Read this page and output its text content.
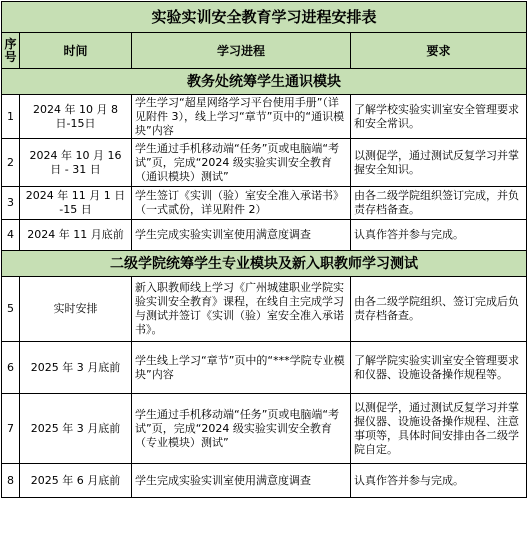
实验实训安全教育学习进程安排表			
序号	时间	学习进程	要求
教务处统筹学生通识模块			
1	2024 年 10 月 8 日-15日	学生学习“超星网络学习平台使用手册”（详见附件 3），线上学习“章节”页中的“通识模块”内容	了解学校实验实训室安全管理要求和安全常识。
2	2024 年 10 月 16 日 - 31 日	学生通过手机移动端“任务”页或电脑端“考试”页，完成“2024 级实验实训安全教育（通识模块）测试”	以测促学，通过测试反复学习并掌握安全知识。
3	2024 年 11 月 1 日 -15 日	学生签订《实训（验）室安全准入承诺书》（一式贰份，详见附件 2）	由各二级学院组织签订完成，并负责存档备查。
4	2024 年 11 月底前	学生完成实验实训室使用满意度调查	认真作答并参与完成。
二级学院统筹学生专业模块及新入职教师学习测试			
5	实时安排	新入职教师线上学习《广州城建职业学院实验实训安全教育》课程，在线自主完成学习与测试并签订《实训（验）室安全准入承诺书》。	由各二级学院组织、签订完成后负责存档备查。
6	2025 年 3 月底前	学生线上学习“章节”页中的“***学院专业模块”内容	了解学院实验实训室安全管理要求和仪器、设施设备操作规程等。
7	2025 年 3 月底前	学生通过手机移动端“任务”页或电脑端“考试”页，完成“2024 级实验实训安全教育（专业模块）测试”	以测促学，通过测试反复学习并掌握仪器、设施设备操作规程、注意事项等，具体时间安排由各二级学院自定。
8	2025 年 6 月底前	学生完成实验实训室使用满意度调查	认真作答并参与完成。
